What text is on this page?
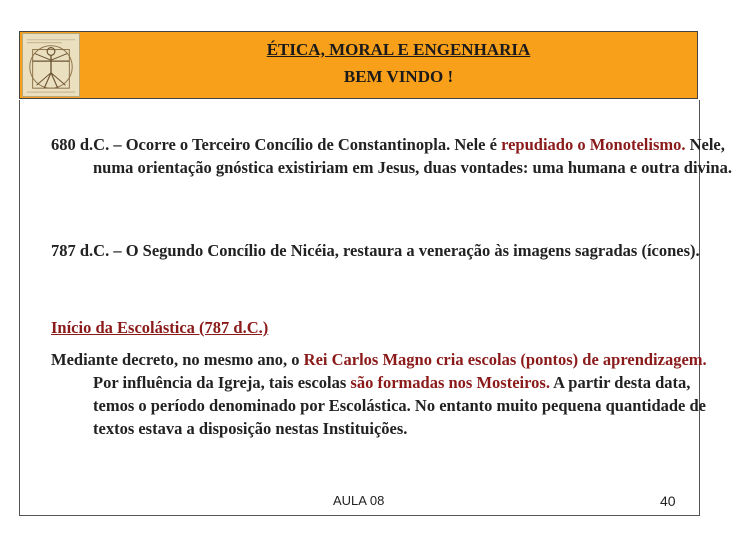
ÉTICA, MORAL E ENGENHARIA
BEM VINDO !
680 d.C. – Ocorre o Terceiro Concílio de Constantinopla. Nele é repudiado o Monotelismo. Nele, numa orientação gnóstica existiriam em Jesus, duas vontades: uma humana e outra divina.
787 d.C. – O Segundo Concílio de Nicéia, restaura a veneração às imagens sagradas (ícones).
Início da Escolástica (787 d.C.)
Mediante decreto, no mesmo ano, o Rei Carlos Magno cria escolas (pontos) de aprendizagem. Por influência da Igreja, tais escolas são formadas nos Mosteiros. A partir desta data, temos o período denominado por Escolástica. No entanto muito pequena quantidade de textos estava a disposição nestas Instituições.
AULA 08	40
